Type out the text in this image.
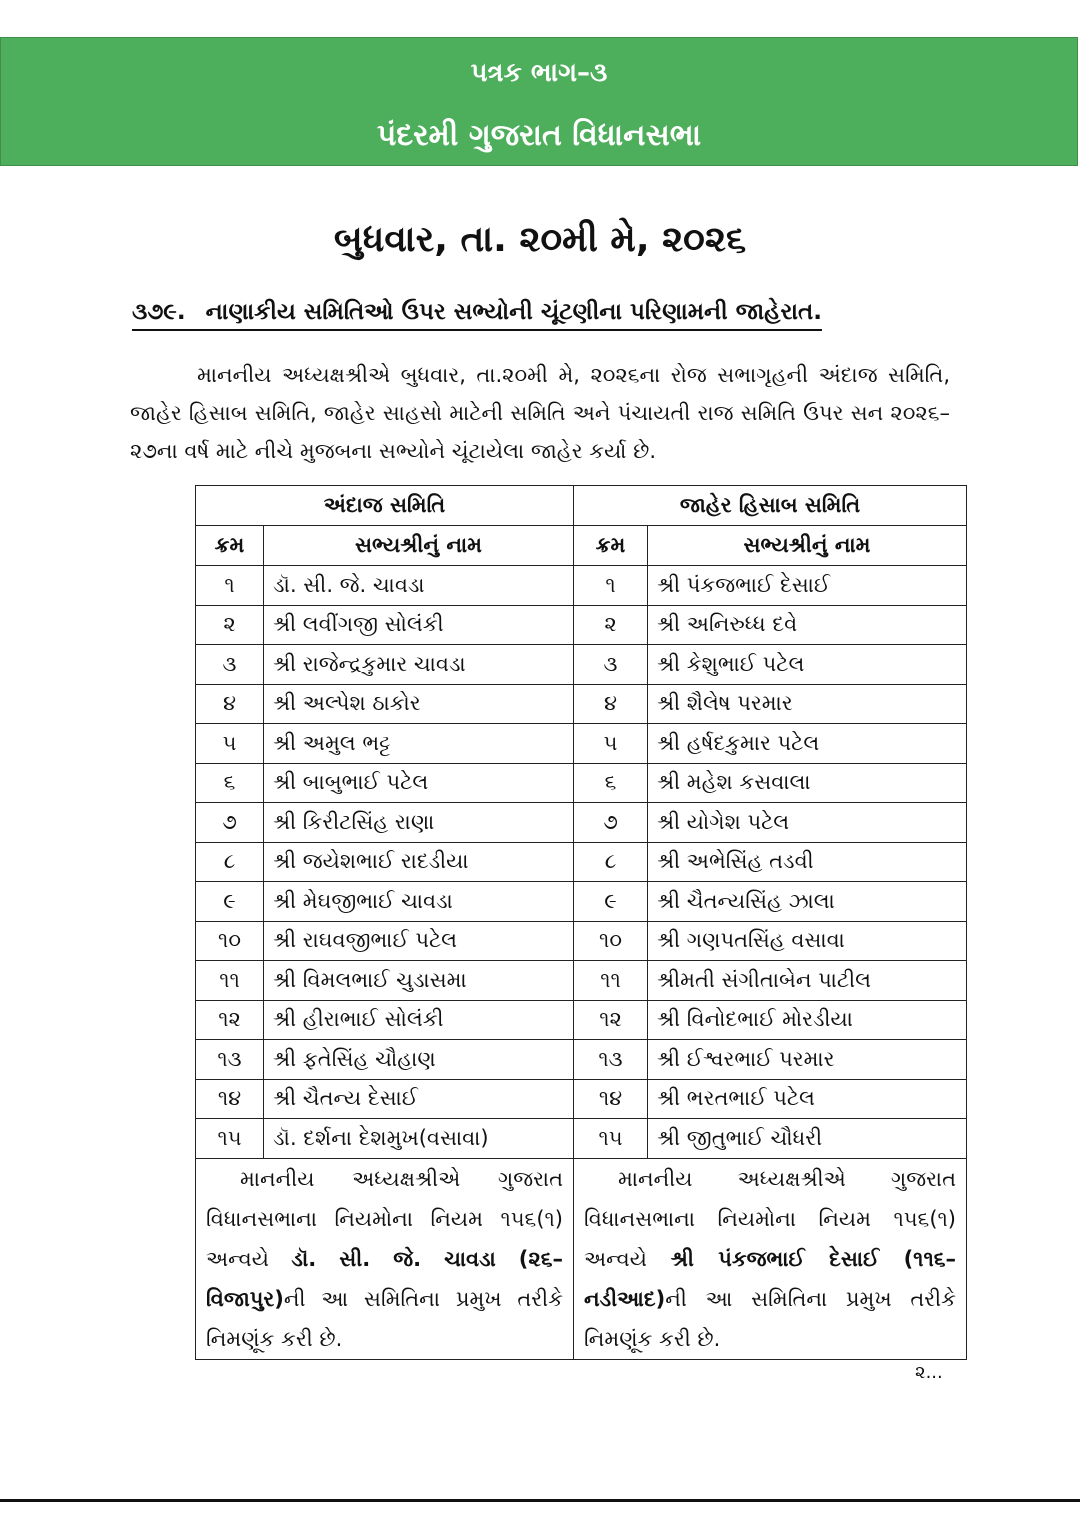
પત્રક ભાગ–૩
પંદરમી ગુજરાત વિધાનસભા
બુધવાર, તા. ૨૦મી મે, ૨૦૨૬
૩૭૯. નાણાકીય સમિતિઓ ઉપર સભ્યોની ચૂંટણીના પરિણામની જાહેરાત.

માનનીય અધ્યક્ષશ્રીએ બુધવાર, તા.૨૦મી મે, ૨૦૨૬ના રોજ સભાગૃહની અંદાજ સમિતિ, જાહેર હિસાબ સમિતિ, જાહેર સાહસો માટેની સમિતિ અને પંચાયતી રાજ સમિતિ ઉપર સન ૨૦૨૬–૨૭ના વર્ષ માટે નીચે મુજબના સભ્યોને ચૂંટાયેલા જાહેર કર્યા છે.

અંદાજ સમિતિ		જાહેર હિસાબ સમિતિ	
ક્રમ	સભ્યશ્રીનું નામ	ક્રમ	સભ્યશ્રીનું નામ
૧	ડૉ. સી. જે. ચાવડા	૧	શ્રી પંકજભાઈ દેસાઈ
૨	શ્રી લવીંગજી સોલંકી	૨	શ્રી અનિરુધ્ધ દવે
૩	શ્રી રાજેન્દ્રકુમાર ચાવડા	૩	શ્રી કેશુભાઈ પટેલ
૪	શ્રી અલ્પેશ ઠાકોર	૪	શ્રી શૈલેષ પરમાર
૫	શ્રી અમુલ ભટ્ટ	૫	શ્રી હર્ષદકુમાર પટેલ
૬	શ્રી બાબુભાઈ પટેલ	૬	શ્રી મહેશ કસવાલા
૭	શ્રી કિરીટસિંહ રાણા	૭	શ્રી યોગેશ પટેલ
૮	શ્રી જયેશભાઈ રાદડીયા	૮	શ્રી અભેસિંહ તડવી
૯	શ્રી મેઘજીભાઈ ચાવડા	૯	શ્રી ચૈતન્યસિંહ ઝાલા
૧૦	શ્રી રાઘવજીભાઈ પટેલ	૧૦	શ્રી ગણપતસિંહ વસાવા
૧૧	શ્રી વિમલભાઈ ચુડાસમા	૧૧	શ્રીમતી સંગીતાબેન પાટીલ
૧૨	શ્રી હીરાભાઈ સોલંકી	૧૨	શ્રી વિનોદભાઈ મોરડીયા
૧૩	શ્રી ફતેસિંહ ચૌહાણ	૧૩	શ્રી ઈશ્વરભાઈ પરમાર
૧૪	શ્રી ચૈતન્ય દેસાઈ	૧૪	શ્રી ભરતભાઈ પટેલ
૧૫	ડૉ. દર્શના દેશમુખ(વસાવા)	૧૫	શ્રી જીતુભાઈ ચૌધરી
માનનીય અધ્યક્ષશ્રીએ ગુજરાત વિધાનસભાના નિયમોના નિયમ ૧૫૬(૧) અન્વયે ડૉ. સી. જે. ચાવડા (૨૬–વિજાપુર)ની આ સમિતિના પ્રમુખ તરીકે નિમણૂંક કરી છે.		માનનીય અધ્યક્ષશ્રીએ ગુજરાત વિધાનસભાના નિયમોના નિયમ ૧૫૬(૧) અન્વયે શ્રી પંકજભાઈ દેસાઈ (૧૧૬–નડીઆદ)ની આ સમિતિના પ્રમુખ તરીકે નિમણૂંક કરી છે.	
૨...
